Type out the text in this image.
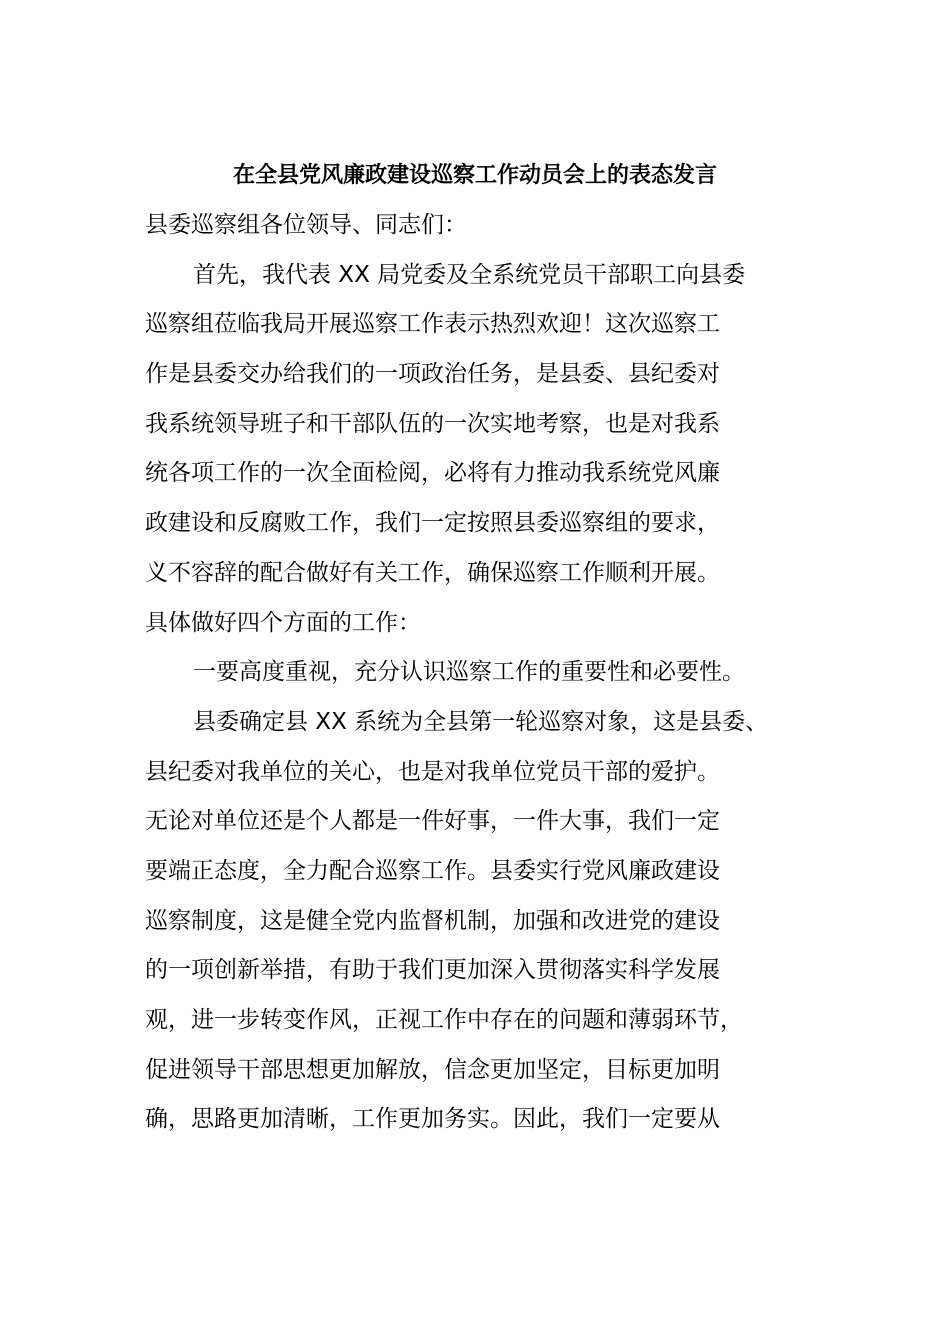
在全县党风廉政建设巡察工作动员会上的表态发言
县委巡察组各位领导、同志们：
首先，我代表 XX 局党委及全系统党员干部职工向县委
巡察组莅临我局开展巡察工作表示热烈欢迎！这次巡察工
作是县委交办给我们的一项政治任务，是县委、县纪委对
我系统领导班子和干部队伍的一次实地考察，也是对我系
统各项工作的一次全面检阅，必将有力推动我系统党风廉
政建设和反腐败工作，我们一定按照县委巡察组的要求，
义不容辞的配合做好有关工作，确保巡察工作顺利开展。
具体做好四个方面的工作：
一要高度重视，充分认识巡察工作的重要性和必要性。
县委确定县 XX 系统为全县第一轮巡察对象，这是县委、
县纪委对我单位的关心，也是对我单位党员干部的爱护。
无论对单位还是个人都是一件好事，一件大事，我们一定
要端正态度，全力配合巡察工作。县委实行党风廉政建设
巡察制度，这是健全党内监督机制，加强和改进党的建设
的一项创新举措，有助于我们更加深入贯彻落实科学发展
观，进一步转变作风，正视工作中存在的问题和薄弱环节，
促进领导干部思想更加解放，信念更加坚定，目标更加明
确，思路更加清晰，工作更加务实。因此，我们一定要从
